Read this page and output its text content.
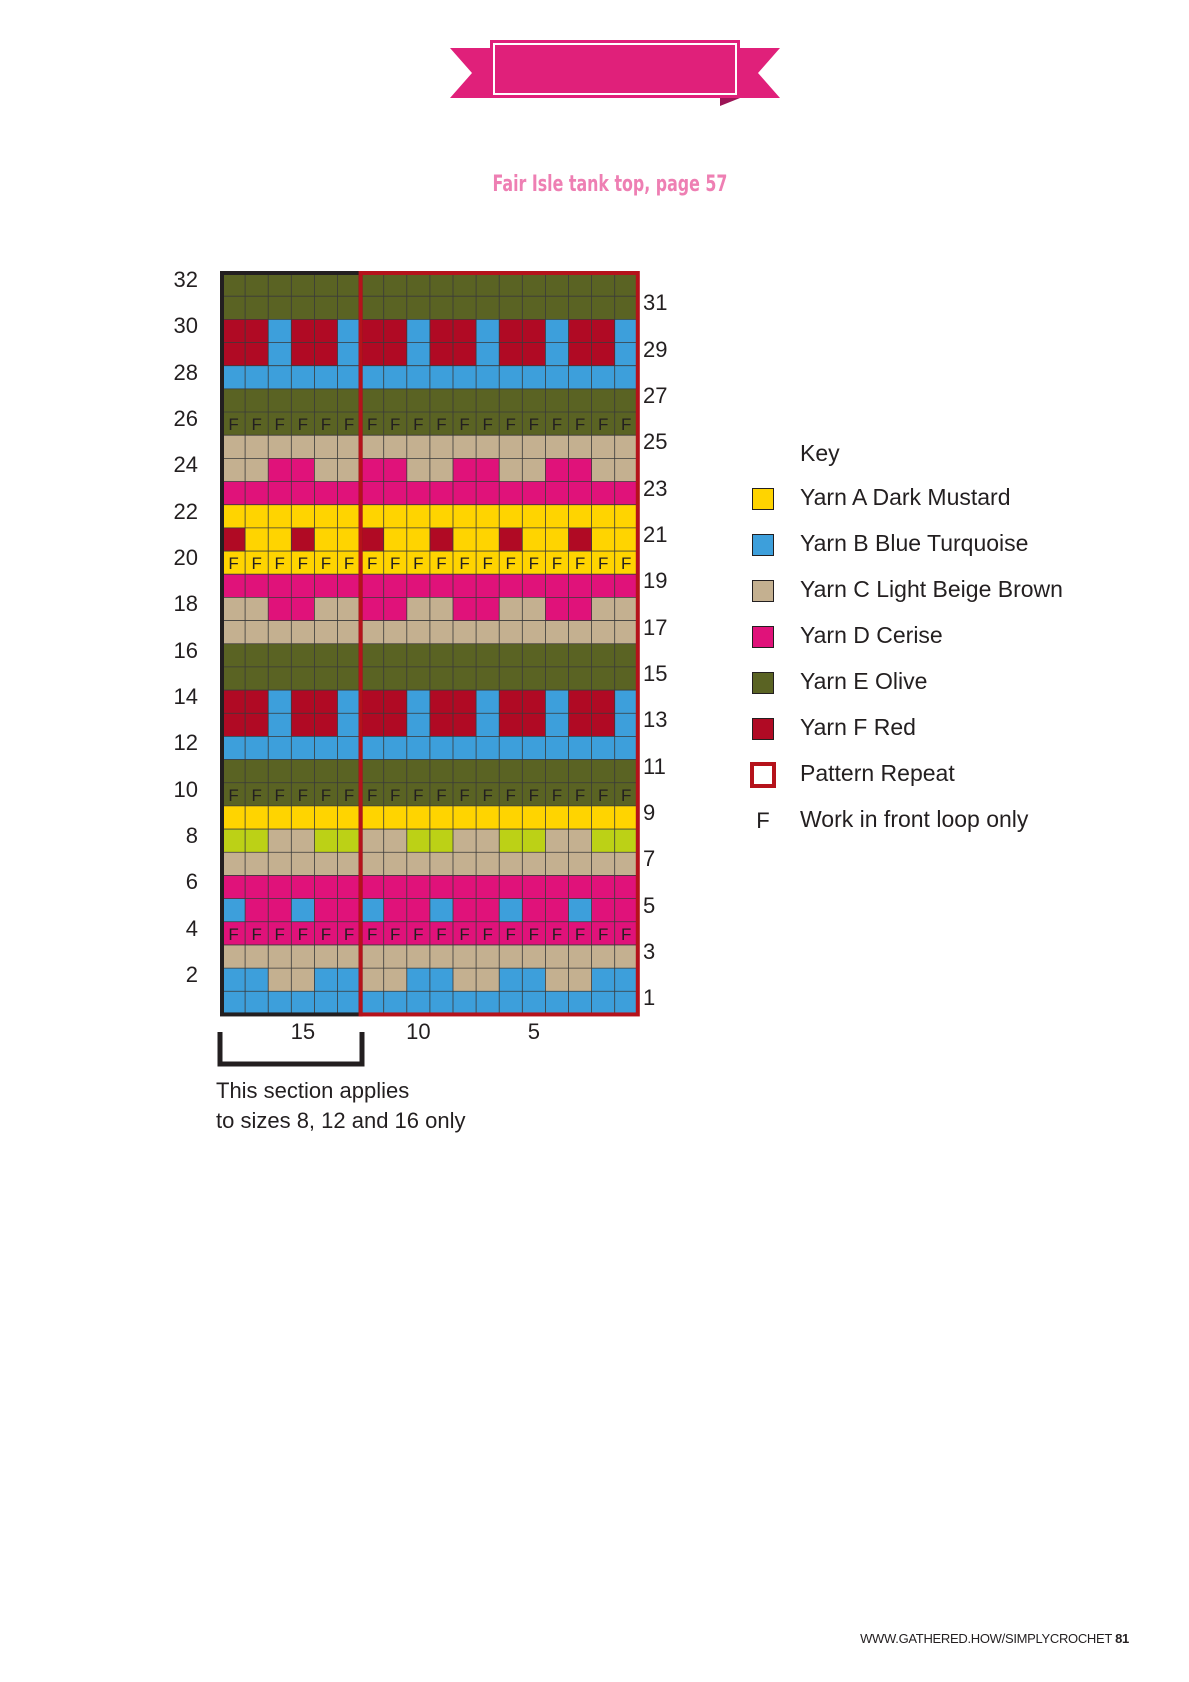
CHARTS
Fair Isle tank top, page 57
F F F F F F F F F F F F F F F F F F
F F F F F F F F F F F F F F F F F F
F F F F F F F F F F F F F F F F F F
F F F F F F F F F F F F F F F F F F
32
30
28
26
24
22
20
18
16
14
12
10
8
6
4
2
31
29
27
25
23
21
19
17
15
13
11
9
7
5
3
1
15	10	5
This section applies
to sizes 8, 12 and 16 only
Key
Yarn A Dark Mustard
Yarn B Blue Turquoise
Yarn C Light Beige Brown
Yarn D Cerise
Yarn E Olive
Yarn F Red
Pattern Repeat
F Work in front loop only
WWW.GATHERED.HOW/SIMPLYCROCHET 81
